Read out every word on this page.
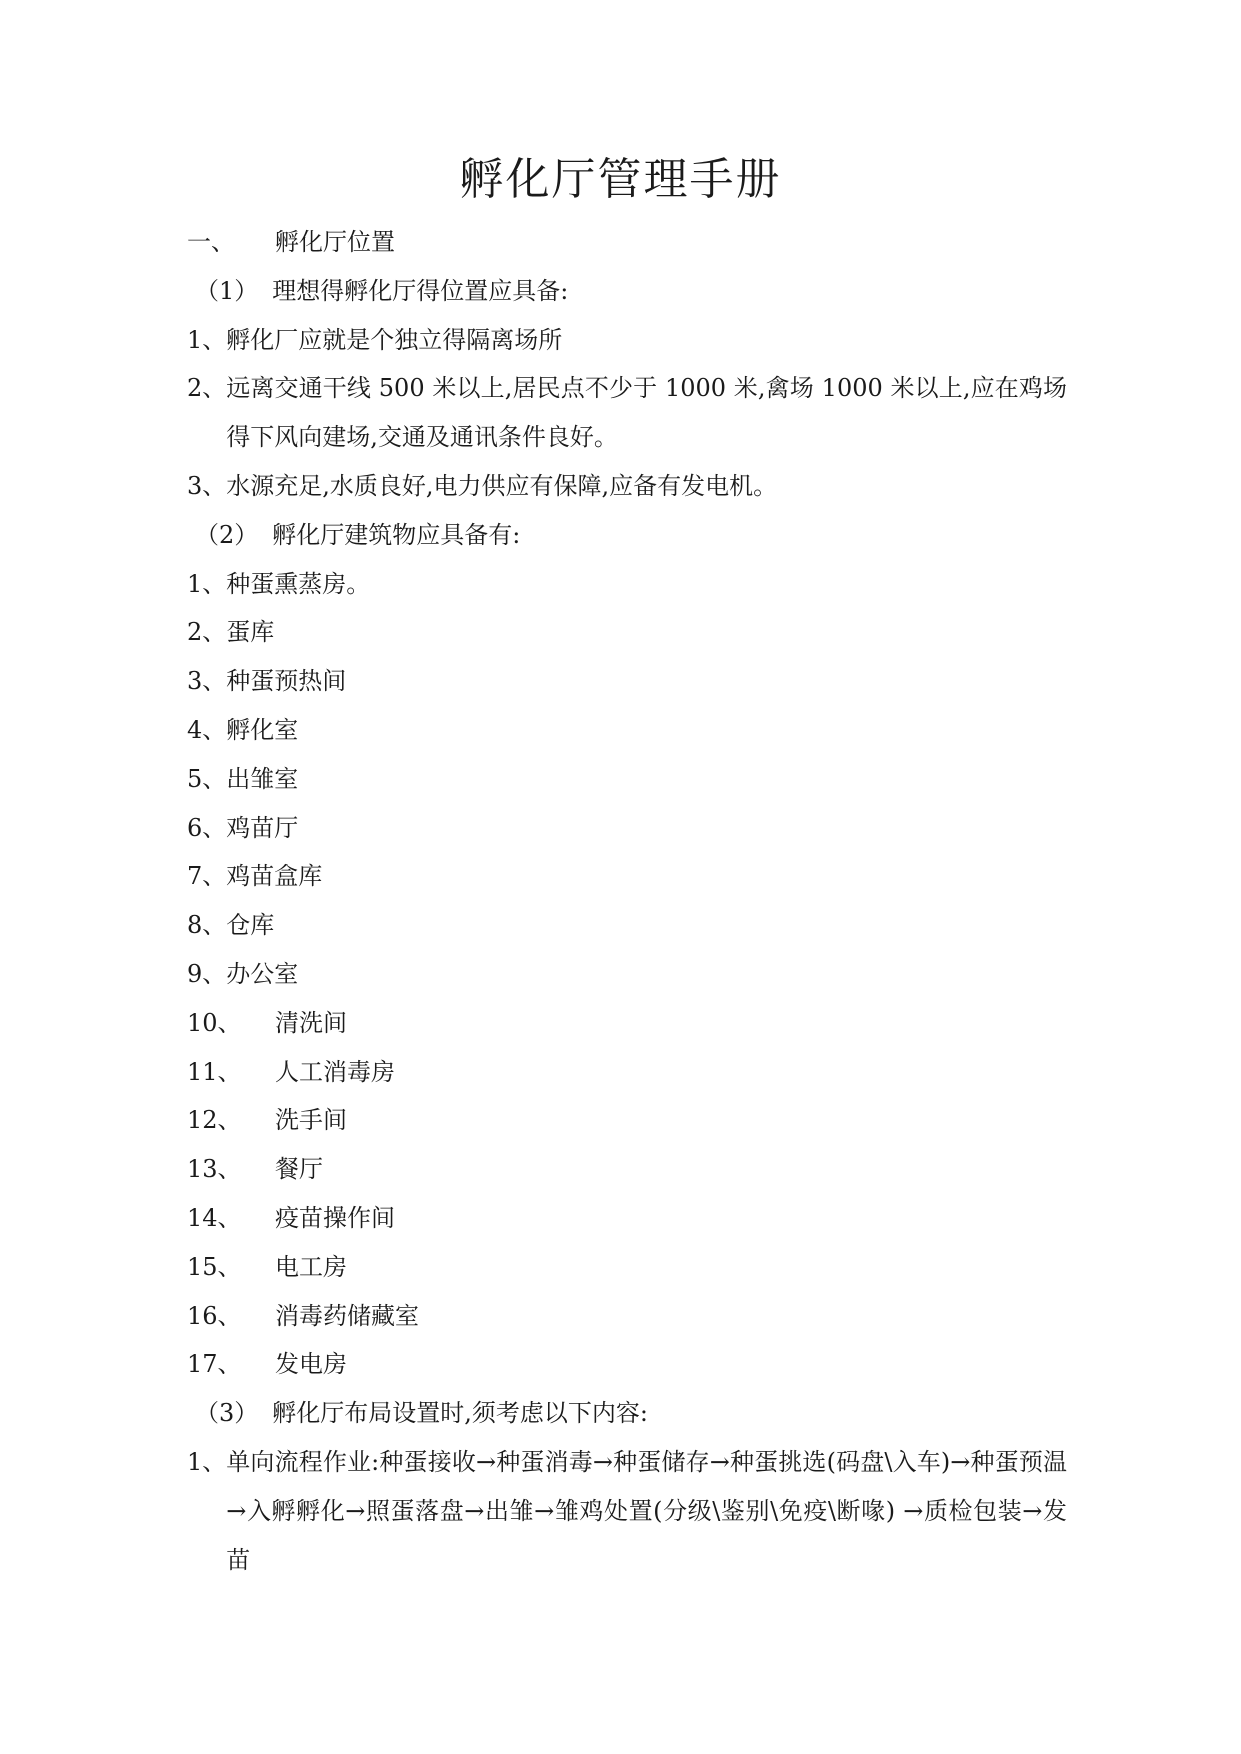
孵化厅管理手册
一、	孵化厅位置
（1） 理想得孵化厅得位置应具备:
1、 孵化厂应就是个独立得隔离场所
2、 远离交通干线 500 米以上,居民点不少于 1000 米,禽场 1000 米以上,应在鸡场得下风向建场,交通及通讯条件良好。
3、 水源充足,水质良好,电力供应有保障,应备有发电机。
（2） 孵化厅建筑物应具备有:
1、 种蛋熏蒸房。
2、 蛋库
3、 种蛋预热间
4、 孵化室
5、 出雏室
6、 鸡苗厅
7、 鸡苗盒库
8、 仓库
9、 办公室
10、	清洗间
11、	人工消毒房
12、	洗手间
13、	餐厅
14、	疫苗操作间
15、	电工房
16、	消毒药储藏室
17、	发电房
（3） 孵化厅布局设置时,须考虑以下内容:
1、 单向流程作业:种蛋接收→种蛋消毒→种蛋储存→种蛋挑选(码盘\入车)→种蛋预温→入孵孵化→照蛋落盘→出雏→雏鸡处置(分级\鉴别\免疫\断喙) →质检包装→发苗
